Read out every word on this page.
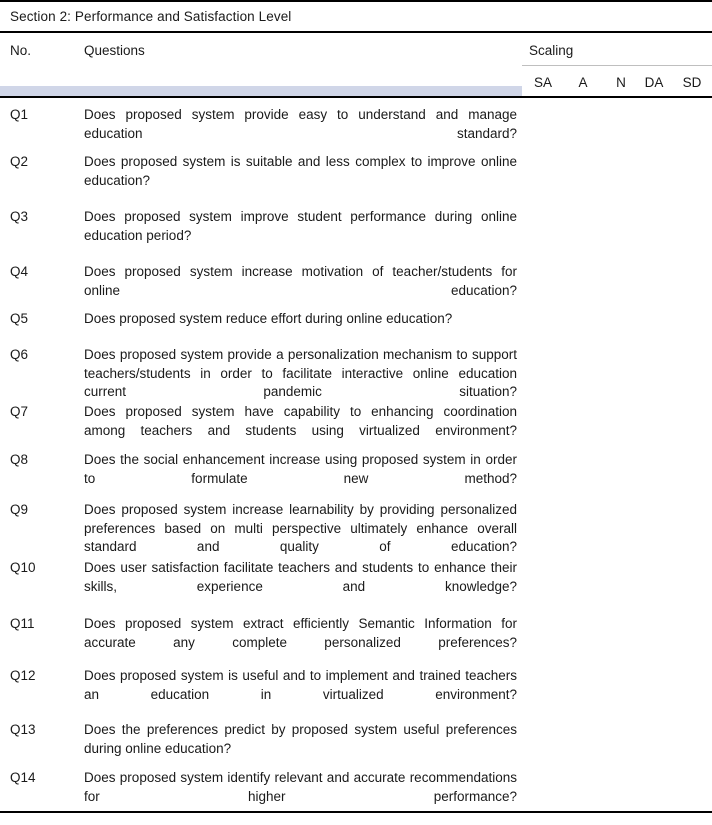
Section 2: Performance and Satisfaction Level
No.	Questions	Scaling
SA	A	N	DA	SD
Q1	Does proposed system provide easy to understand and manage education standard?
Q2	Does proposed system is suitable and less complex to improve online education?
Q3	Does proposed system improve student performance during online education period?
Q4	Does proposed system increase motivation of teacher/students for online education?
Q5	Does proposed system reduce effort during online education?
Q6	Does proposed system provide a personalization mechanism to support teachers/students in order to facilitate interactive online education current pandemic situation?
Q7	Does proposed system have capability to enhancing coordination among teachers and students using virtualized environment?
Q8	Does the social enhancement increase using proposed system in order to formulate new method?
Q9	Does proposed system increase learnability by providing personalized preferences based on multi perspective ultimately enhance overall standard and quality of education?
Q10	Does user satisfaction facilitate teachers and students to enhance their skills, experience and knowledge?
Q11	Does proposed system extract efficiently Semantic Information for accurate any complete personalized preferences?
Q12	Does proposed system is useful and to implement and trained teachers an education in virtualized environment?
Q13	Does the preferences predict by proposed system useful preferences during online education?
Q14	Does proposed system identify relevant and accurate recommendations for higher performance?
